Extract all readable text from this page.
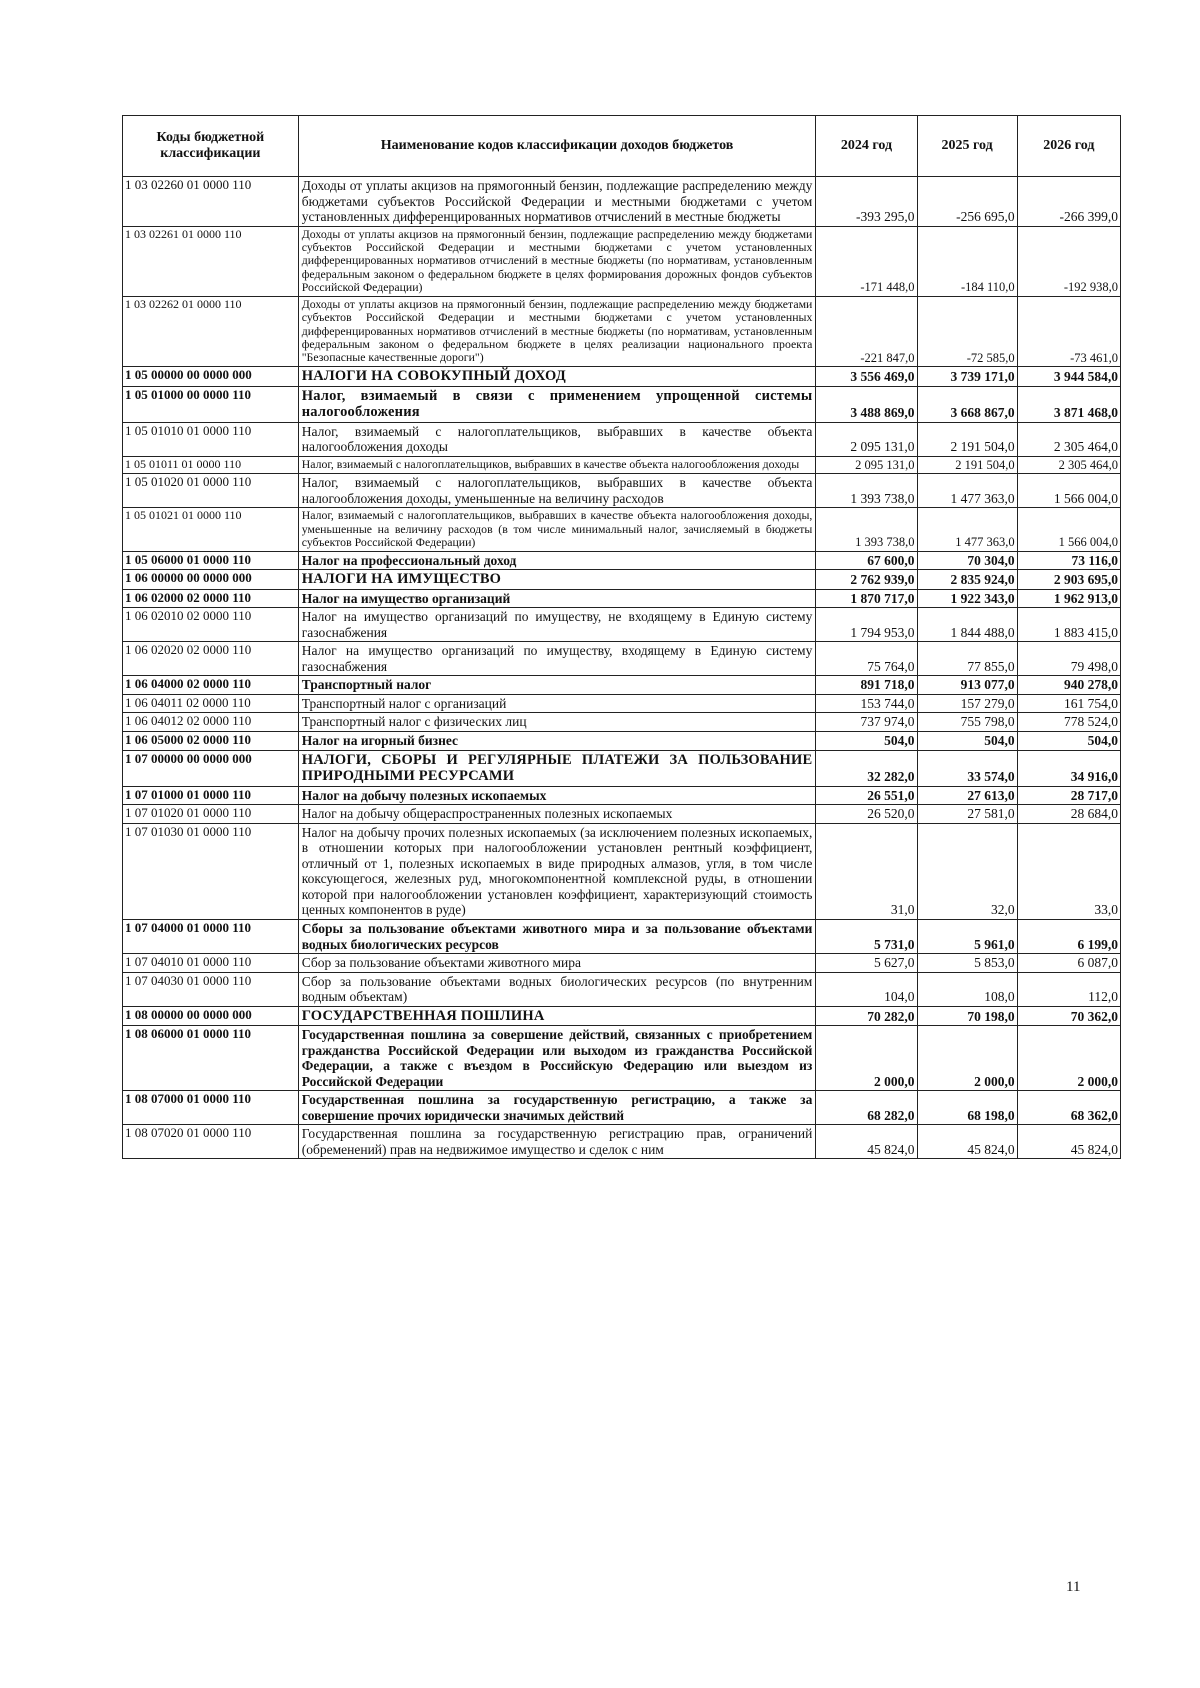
Коды бюджетной классификации	Наименование кодов классификации доходов бюджетов	2024 год	2025 год	2026 год
1 03 02260 01 0000 110	Доходы от уплаты акцизов на прямогонный бензин, подлежащие распределению между бюджетами субъектов Российской Федерации и местными бюджетами с учетом установленных дифференцированных нормативов отчислений в местные бюджеты	-393 295,0	-256 695,0	-266 399,0
1 03 02261 01 0000 110	Доходы от уплаты акцизов на прямогонный бензин, подлежащие распределению между бюджетами субъектов Российской Федерации и местными бюджетами с учетом установленных дифференцированных нормативов отчислений в местные бюджеты (по нормативам, установленным федеральным законом о федеральном бюджете в целях формирования дорожных фондов субъектов Российской Федерации)	-171 448,0	-184 110,0	-192 938,0
1 03 02262 01 0000 110	Доходы от уплаты акцизов на прямогонный бензин, подлежащие распределению между бюджетами субъектов Российской Федерации и местными бюджетами с учетом установленных дифференцированных нормативов отчислений в местные бюджеты (по нормативам, установленным федеральным законом о федеральном бюджете в целях реализации национального проекта "Безопасные качественные дороги")	-221 847,0	-72 585,0	-73 461,0
1 05 00000 00 0000 000	НАЛОГИ НА СОВОКУПНЫЙ ДОХОД	3 556 469,0	3 739 171,0	3 944 584,0
1 05 01000 00 0000 110	Налог, взимаемый в связи с применением упрощенной системы налогообложения	3 488 869,0	3 668 867,0	3 871 468,0
1 05 01010 01 0000 110	Налог, взимаемый с налогоплательщиков, выбравших в качестве объекта налогообложения доходы	2 095 131,0	2 191 504,0	2 305 464,0
1 05 01011 01 0000 110	Налог, взимаемый с налогоплательщиков, выбравших в качестве объекта налогообложения доходы	2 095 131,0	2 191 504,0	2 305 464,0
1 05 01020 01 0000 110	Налог, взимаемый с налогоплательщиков, выбравших в качестве объекта налогообложения доходы, уменьшенные на величину расходов	1 393 738,0	1 477 363,0	1 566 004,0
1 05 01021 01 0000 110	Налог, взимаемый с налогоплательщиков, выбравших в качестве объекта налогообложения доходы, уменьшенные на величину расходов (в том числе минимальный налог, зачисляемый в бюджеты субъектов Российской Федерации)	1 393 738,0	1 477 363,0	1 566 004,0
1 05 06000 01 0000 110	Налог на профессиональный доход	67 600,0	70 304,0	73 116,0
1 06 00000 00 0000 000	НАЛОГИ НА ИМУЩЕСТВО	2 762 939,0	2 835 924,0	2 903 695,0
1 06 02000 02 0000 110	Налог на имущество организаций	1 870 717,0	1 922 343,0	1 962 913,0
1 06 02010 02 0000 110	Налог на имущество организаций по имуществу, не входящему в Единую систему газоснабжения	1 794 953,0	1 844 488,0	1 883 415,0
1 06 02020 02 0000 110	Налог на имущество организаций по имуществу, входящему в Единую систему газоснабжения	75 764,0	77 855,0	79 498,0
1 06 04000 02 0000 110	Транспортный налог	891 718,0	913 077,0	940 278,0
1 06 04011 02 0000 110	Транспортный налог с организаций	153 744,0	157 279,0	161 754,0
1 06 04012 02 0000 110	Транспортный налог с физических лиц	737 974,0	755 798,0	778 524,0
1 06 05000 02 0000 110	Налог на игорный бизнес	504,0	504,0	504,0
1 07 00000 00 0000 000	НАЛОГИ, СБОРЫ И РЕГУЛЯРНЫЕ ПЛАТЕЖИ ЗА ПОЛЬЗОВАНИЕ ПРИРОДНЫМИ РЕСУРСАМИ	32 282,0	33 574,0	34 916,0
1 07 01000 01 0000 110	Налог на добычу полезных ископаемых	26 551,0	27 613,0	28 717,0
1 07 01020 01 0000 110	Налог на добычу общераспространенных полезных ископаемых	26 520,0	27 581,0	28 684,0
1 07 01030 01 0000 110	Налог на добычу прочих полезных ископаемых (за исключением полезных ископаемых, в отношении которых при налогообложении установлен рентный коэффициент, отличный от 1, полезных ископаемых в виде природных алмазов, угля, в том числе коксующегося, железных руд, многокомпонентной комплексной руды, в отношении которой при налогообложении установлен коэффициент, характеризующий стоимость ценных компонентов в руде)	31,0	32,0	33,0
1 07 04000 01 0000 110	Сборы за пользование объектами животного мира и за пользование объектами водных биологических ресурсов	5 731,0	5 961,0	6 199,0
1 07 04010 01 0000 110	Сбор за пользование объектами животного мира	5 627,0	5 853,0	6 087,0
1 07 04030 01 0000 110	Сбор за пользование объектами водных биологических ресурсов (по внутренним водным объектам)	104,0	108,0	112,0
1 08 00000 00 0000 000	ГОСУДАРСТВЕННАЯ ПОШЛИНА	70 282,0	70 198,0	70 362,0
1 08 06000 01 0000 110	Государственная пошлина за совершение действий, связанных с приобретением гражданства Российской Федерации или выходом из гражданства Российской Федерации, а также с въездом в Российскую Федерацию или выездом из Российской Федерации	2 000,0	2 000,0	2 000,0
1 08 07000 01 0000 110	Государственная пошлина за государственную регистрацию, а также за совершение прочих юридически значимых действий	68 282,0	68 198,0	68 362,0
1 08 07020 01 0000 110	Государственная пошлина за государственную регистрацию прав, ограничений (обременений) прав на недвижимое имущество и сделок с ним	45 824,0	45 824,0	45 824,0
11
